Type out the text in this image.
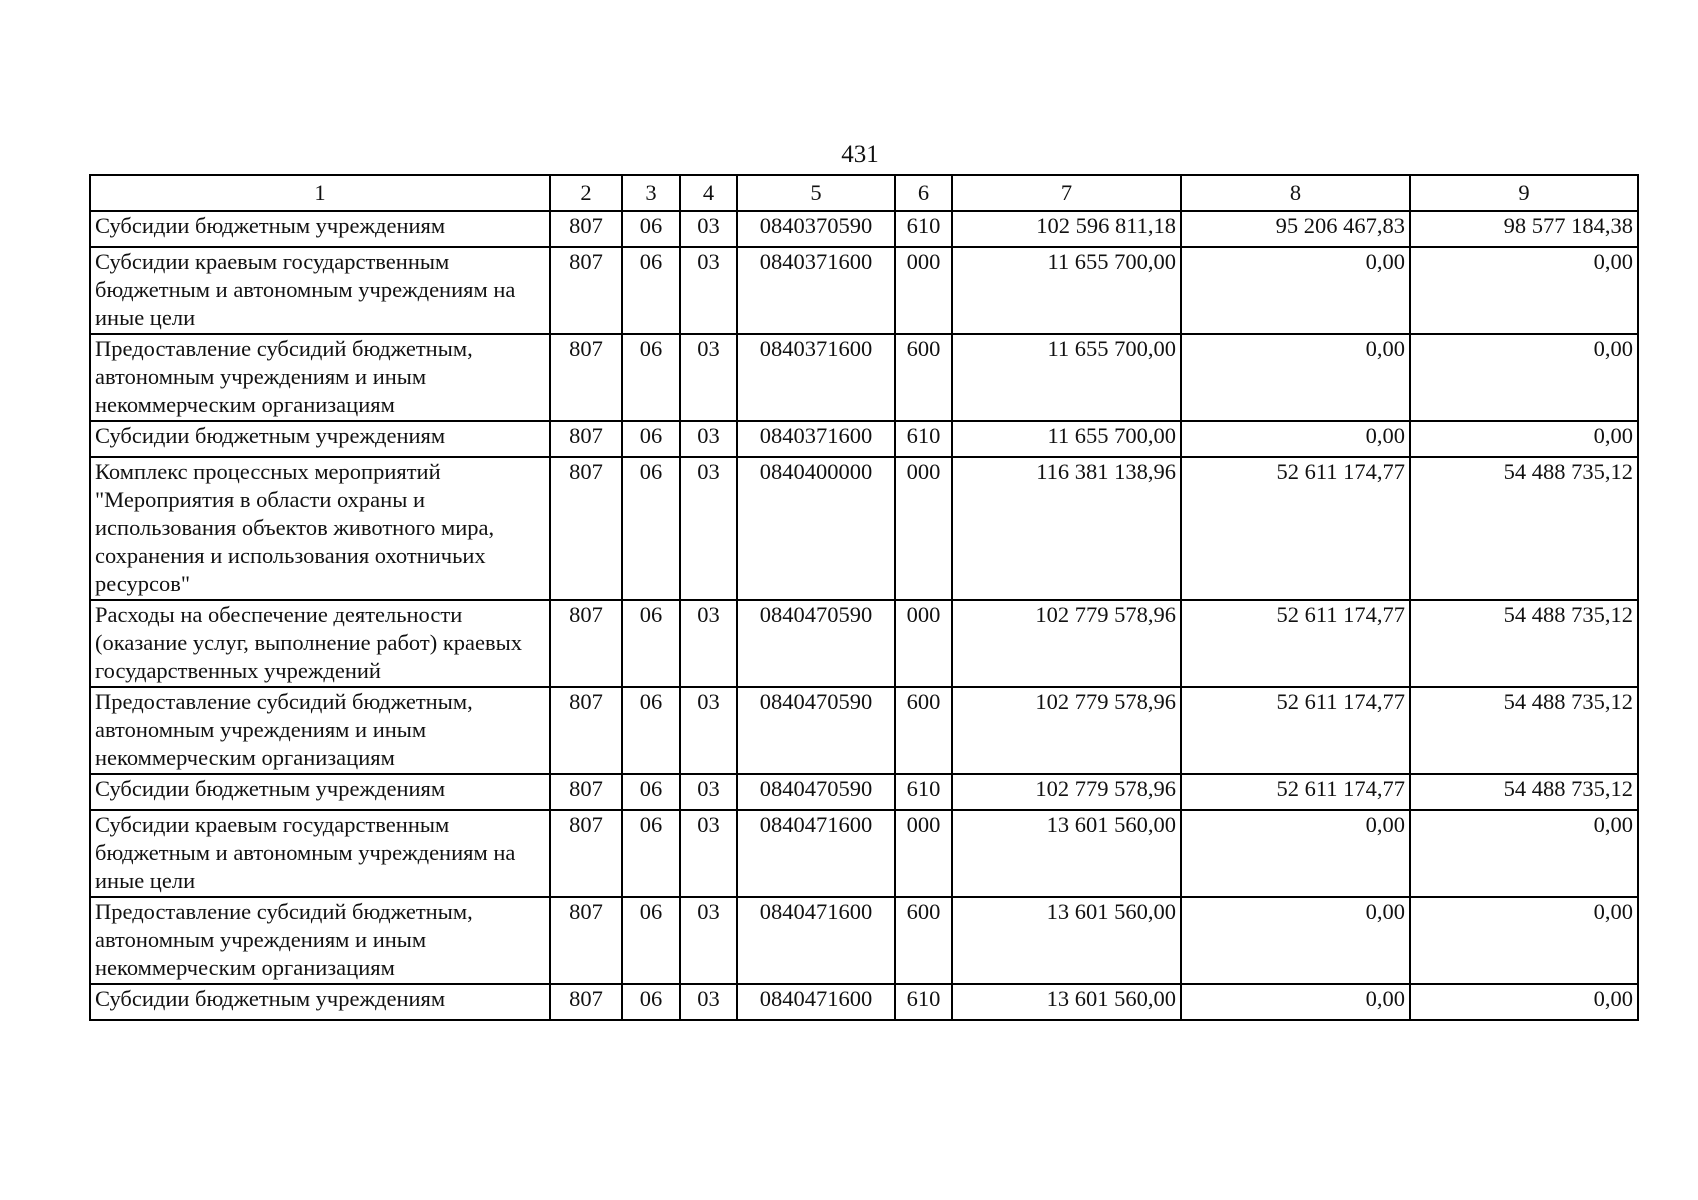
431
1	2	3	4	5	6	7	8	9
Субсидии бюджетным учреждениям	807	06	03	0840370590	610	102 596 811,18	95 206 467,83	98 577 184,38
Субсидии краевым государственным бюджетным и автономным учреждениям на иные цели	807	06	03	0840371600	000	11 655 700,00	0,00	0,00
Предоставление субсидий бюджетным, автономным учреждениям и иным некоммерческим организациям	807	06	03	0840371600	600	11 655 700,00	0,00	0,00
Субсидии бюджетным учреждениям	807	06	03	0840371600	610	11 655 700,00	0,00	0,00
Комплекс процессных мероприятий "Мероприятия в области охраны и использования объектов животного мира, сохранения и использования охотничьих ресурсов"	807	06	03	0840400000	000	116 381 138,96	52 611 174,77	54 488 735,12
Расходы на обеспечение деятельности (оказание услуг, выполнение работ) краевых государственных учреждений	807	06	03	0840470590	000	102 779 578,96	52 611 174,77	54 488 735,12
Предоставление субсидий бюджетным, автономным учреждениям и иным некоммерческим организациям	807	06	03	0840470590	600	102 779 578,96	52 611 174,77	54 488 735,12
Субсидии бюджетным учреждениям	807	06	03	0840470590	610	102 779 578,96	52 611 174,77	54 488 735,12
Субсидии краевым государственным бюджетным и автономным учреждениям на иные цели	807	06	03	0840471600	000	13 601 560,00	0,00	0,00
Предоставление субсидий бюджетным, автономным учреждениям и иным некоммерческим организациям	807	06	03	0840471600	600	13 601 560,00	0,00	0,00
Субсидии бюджетным учреждениям	807	06	03	0840471600	610	13 601 560,00	0,00	0,00
